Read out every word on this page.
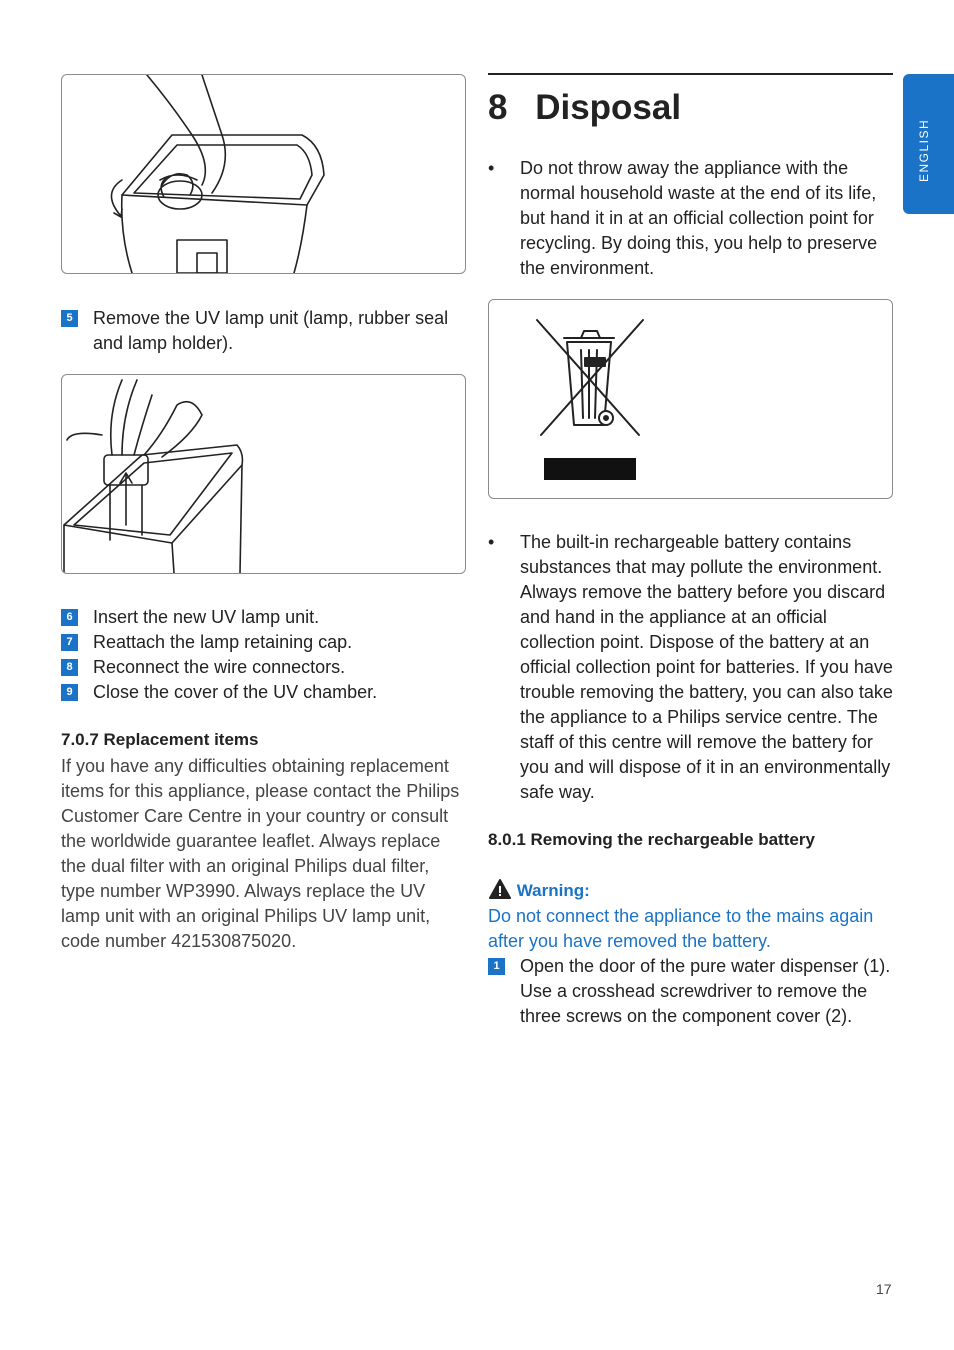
5	Remove the UV lamp unit (lamp, rubber seal and lamp holder).
6	Insert the new UV lamp unit.
7	Reattach the lamp retaining cap.
8	Reconnect the wire connectors.
9	Close the cover of the UV chamber.
7.0.7 Replacement items
If you have any difficulties obtaining replacement items for this appliance, please contact the Philips Customer Care Centre in your country or consult the worldwide guarantee leaflet. Always replace the dual filter with an original Philips dual filter, type number WP3990. Always replace the UV lamp unit with an original Philips UV lamp unit, code number 421530875020.
8 Disposal
• Do not throw away the appliance with the normal household waste at the end of its life, but hand it in at an official collection point for recycling. By doing this, you help to preserve the environment.
• The built-in rechargeable battery contains substances that may pollute the environment. Always remove the battery before you discard and hand in the appliance at an official collection point. Dispose of the battery at an official collection point for batteries. If you have trouble removing the battery, you can also take the appliance to a Philips service centre. The staff of this centre will remove the battery for you and will dispose of it in an environmentally safe way.
8.0.1 Removing the rechargeable battery
Warning:
Do not connect the appliance to the mains again after you have removed the battery.
1	Open the door of the pure water dispenser (1). Use a crosshead screwdriver to remove the three screws on the component cover (2).
ENGLISH
17
